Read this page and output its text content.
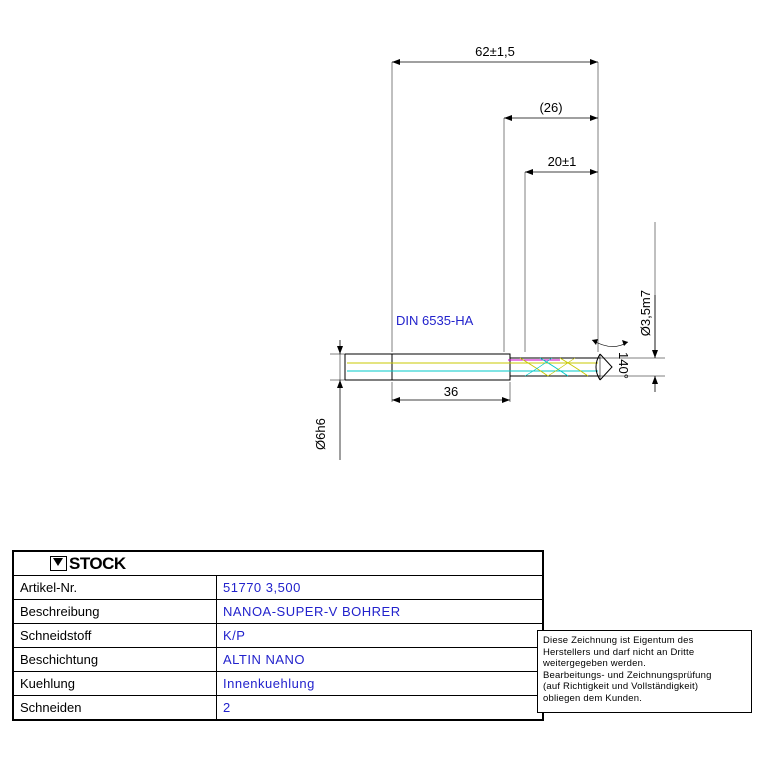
62±1,5
(26)
20±1
36
Ø6h6
Ø3,5m7
140°
DIN 6535-HA
STOCK	

Artikel-Nr.	51770 3,500
Beschreibung	NANOA-SUPER-V BOHRER
Schneidstoff	K/P
Beschichtung	ALTIN NANO
Kuehlung	Innenkuehlung
Schneiden	2

Diese Zeichnung ist Eigentum des

Herstellers und darf nicht an Dritte

weitergegeben werden.

Bearbeitungs- und Zeichnungsprüfung

(auf Richtigkeit und Vollständigkeit)

obliegen dem Kunden.
